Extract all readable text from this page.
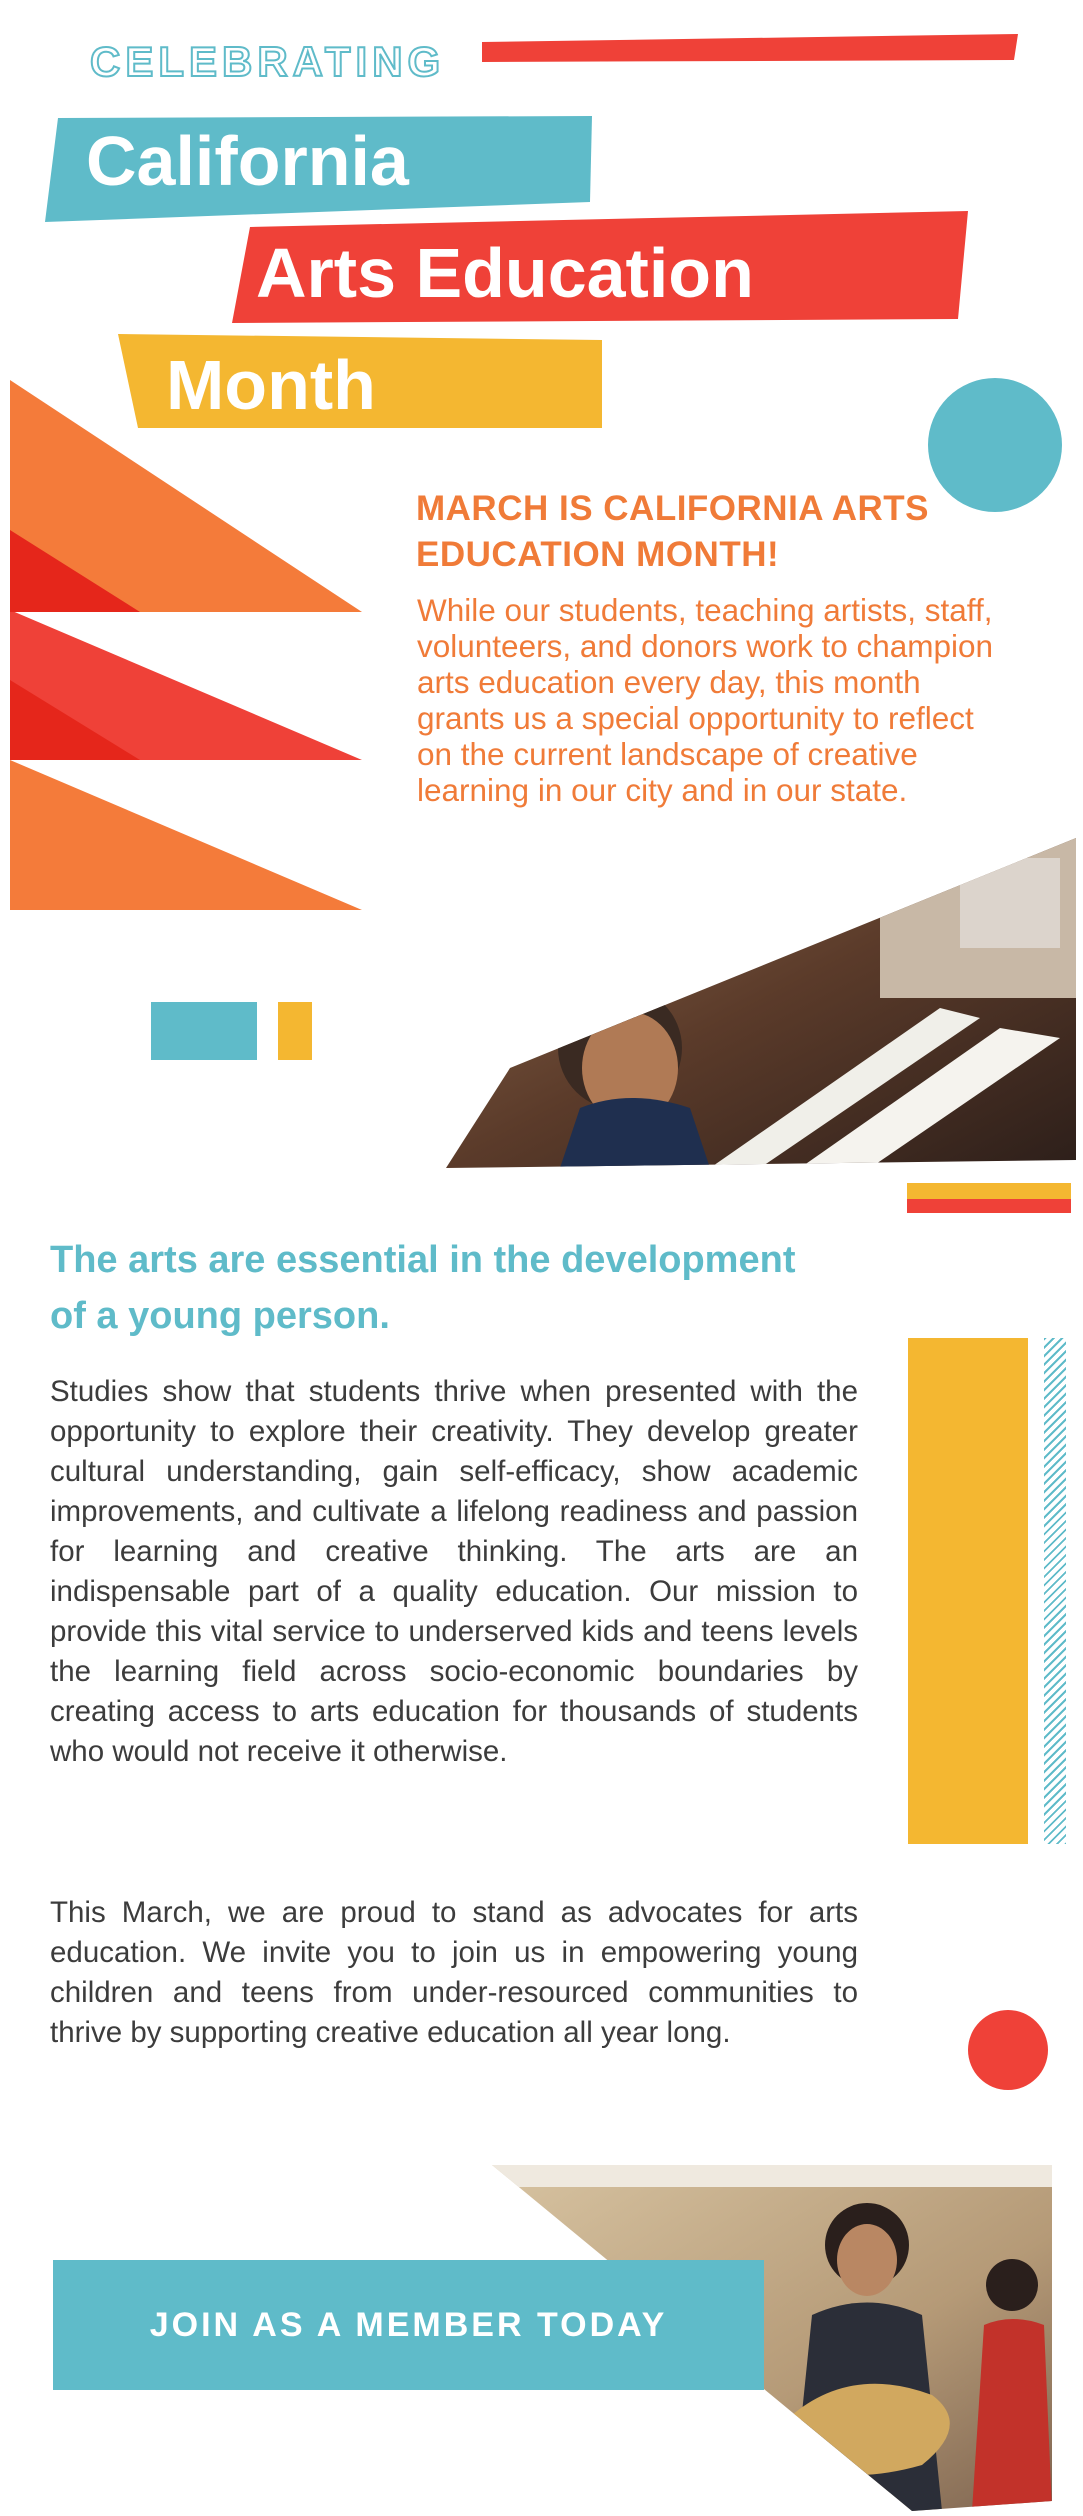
CELEBRATING
California
Arts Education
Month
MARCH IS CALIFORNIA ARTS EDUCATION MONTH!
While our students, teaching artists, staff, volunteers, and donors work to champion arts education every day, this month grants us a special opportunity to reflect on the current landscape of creative learning in our city and in our state.
The arts are essential in the development of a young person.
Studies show that students thrive when presented with the opportunity to explore their creativity. They develop greater cultural understanding, gain self-efficacy, show academic improvements, and cultivate a lifelong readiness and passion for learning and creative thinking. The arts are an indispensable part of a quality education. Our mission to provide this vital service to underserved kids and teens levels the learning field across socio-economic boundaries by creating access to arts education for thousands of students who would not receive it otherwise.
This March, we are proud to stand as advocates for arts education. We invite you to join us in empowering young children and teens from under-resourced communities to thrive by supporting creative education all year long.
JOIN AS A MEMBER TODAY
